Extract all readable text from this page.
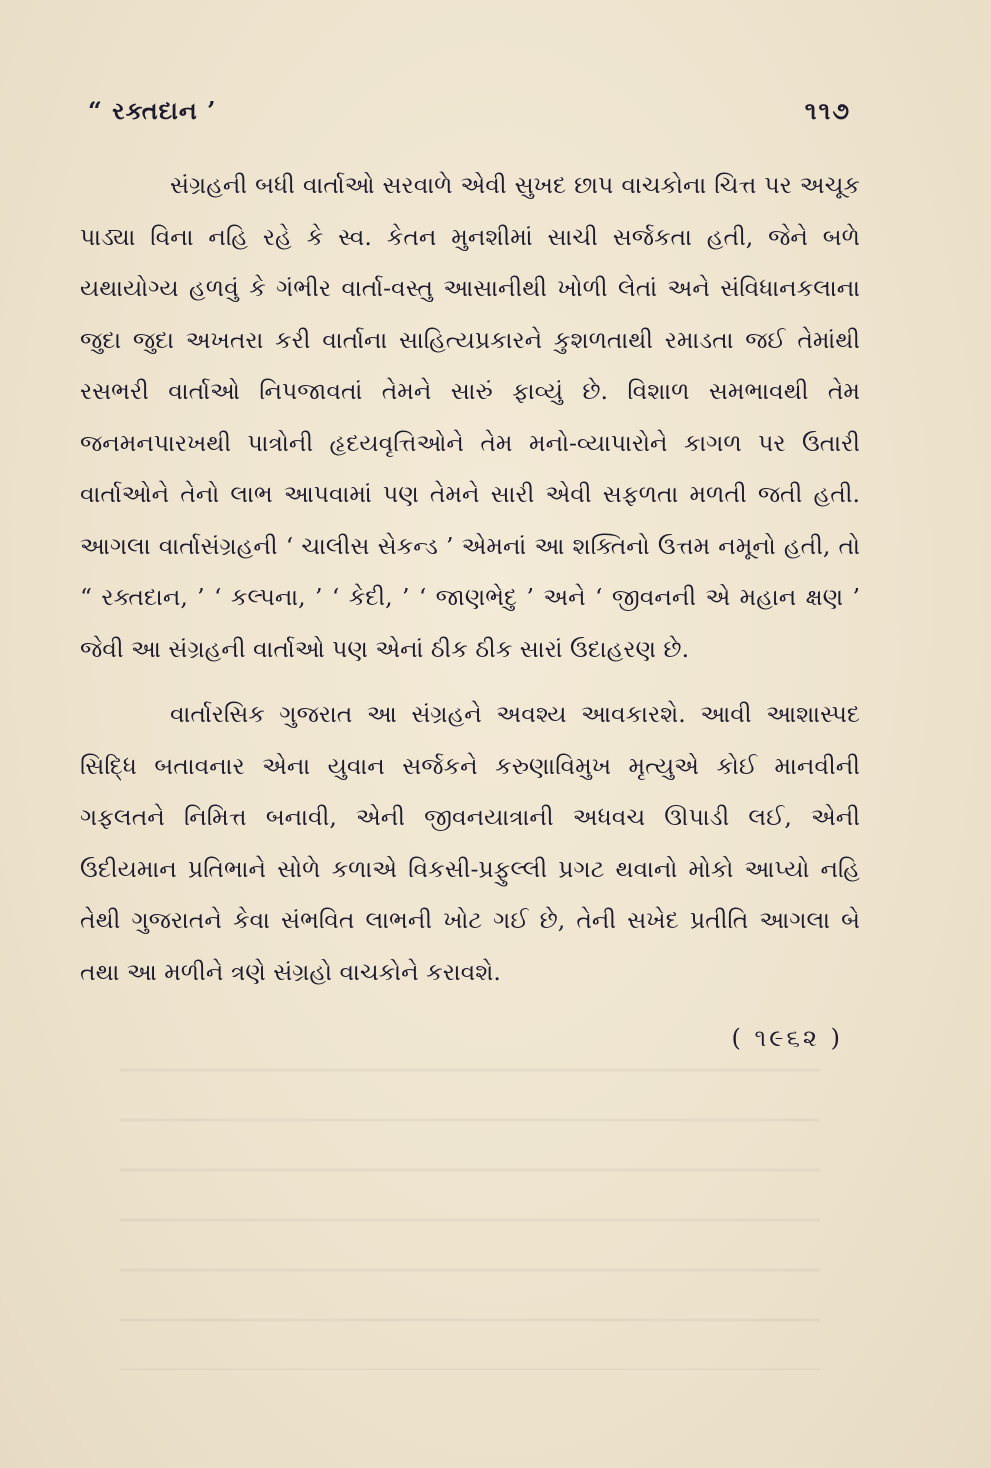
“ રક્તદાન ’	૧૧૭

સંગ્રહની બધી વાર્તાઓ સરવાળે એવી સુખદ છાપ વાચકોના ચિત્ત પર અચૂક પાડ્યા વિના નહિ રહે કે સ્વ. કેતન મુનશીમાં સાચી સર્જકતા હતી, જેને બળે યથાયોગ્ય હળવું કે ગંભીર વાર્તા-વસ્તુ આસાનીથી ખોળી લેતાં અને સંવિધાનકલાના જુદા જુદા અખતરા કરી વાર્તાના સાહિત્યપ્રકારને કુશળતાથી રમાડતા જઈ તેમાંથી રસભરી વાર્તાઓ નિપજાવતાં તેમને સારું ફાવ્યું છે. વિશાળ સમભાવથી તેમ જનમનપારખથી પાત્રોની હૃદયવૃત્તિઓને તેમ મનો-વ્યાપારોને કાગળ પર ઉતારી વાર્તાઓને તેનો લાભ આપવામાં પણ તેમને સારી એવી સફળતા મળતી જતી હતી. આગલા વાર્તાસંગ્રહની ‘ ચાલીસ સેકન્ડ ’ એમનાં આ શક્તિનો ઉત્તમ નમૂનો હતી, તો “ રક્તદાન, ’ ‘ કલ્પના, ’ ‘ કેદી, ’ ‘ જાણભેદુ ’ અને ‘ જીવનની એ મહાન ક્ષણ ’ જેવી આ સંગ્રહની વાર્તાઓ પણ એનાં ઠીક ઠીક સારાં ઉદાહરણ છે.

વાર્તારસિક ગુજરાત આ સંગ્રહને અવશ્ય આવકારશે. આવી આશાસ્પદ સિદ્ધિ બતાવનાર એના યુવાન સર્જકને કરુણાવિમુખ મૃત્યુએ કોઈ માનવીની ગફલતને નિમિત્ત બનાવી, એની જીવનયાત્રાની અધવચ ઊપાડી લઈ, એની ઉદીયમાન પ્રતિભાને સોળે કળાએ વિકસી-પ્રફુલ્લી પ્રગટ થવાનો મોકો આપ્યો નહિ તેથી ગુજરાતને કેવા સંભવિત લાભની ખોટ ગઈ છે, તેની સખેદ પ્રતીતિ આગલા બે તથા આ મળીને ત્રણે સંગ્રહો વાચકોને કરાવશે.

( ૧૯૬૨ )
